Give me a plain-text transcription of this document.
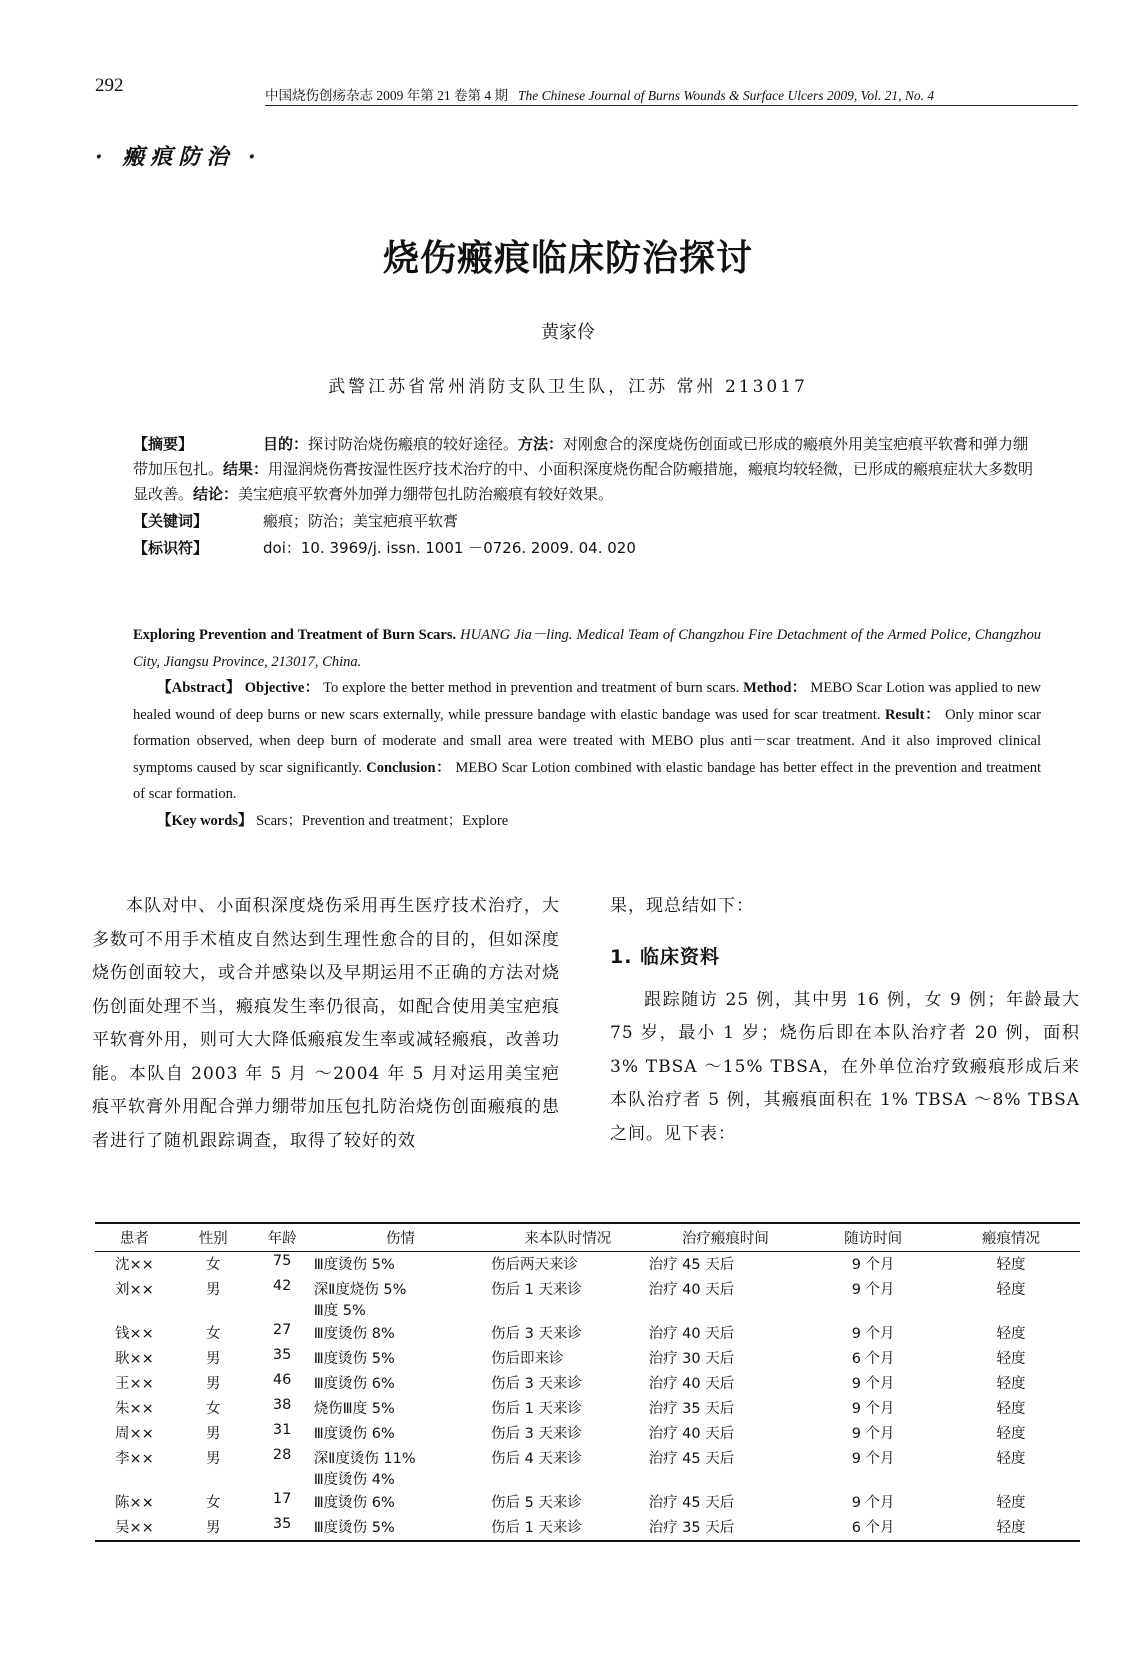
292	中国烧伤创疡杂志 2009 年第 21 卷第 4 期 The Chinese Journal of Burns Wounds & Surface Ulcers 2009, Vol. 21, No. 4
· 瘢痕防治 ·
烧伤瘢痕临床防治探讨
黄家伶
武警江苏省常州消防支队卫生队，江苏 常州 213017
【摘要】	目的：探讨防治烧伤瘢痕的较好途径。方法：对刚愈合的深度烧伤创面或已形成的瘢痕外用美宝疤痕平软膏和弹力绷带加压包扎。结果：用湿润烧伤膏按湿性医疗技术治疗的中、小面积深度烧伤配合防瘢措施，瘢痕均较轻微，已形成的瘢痕症状大多数明显改善。结论：美宝疤痕平软膏外加弹力绷带包扎防治瘢痕有较好效果。
【关键词】	瘢痕；防治；美宝疤痕平软膏
【标识符】	doi：10. 3969/j. issn. 1001 －0726. 2009. 04. 020

Exploring Prevention and Treatment of Burn Scars. HUANG Jia－ling. Medical Team of Changzhou Fire Detachment of the Armed Police, Changzhou City, Jiangsu Province, 213017, China.

【Abstract】 Objective： To explore the better method in prevention and treatment of burn scars. Method： MEBO Scar Lotion was applied to new healed wound of deep burns or new scars externally, while pressure bandage with elastic bandage was used for scar treatment. Result： Only minor scar formation observed, when deep burn of moderate and small area were treated with MEBO plus anti－scar treatment. And it also improved clinical symptoms caused by scar significantly. Conclusion： MEBO Scar Lotion combined with elastic bandage has better effect in the prevention and treatment of scar formation.

【Key words】 Scars；Prevention and treatment；Explore

本队对中、小面积深度烧伤采用再生医疗技术治疗，大多数可不用手术植皮自然达到生理性愈合的目的，但如深度烧伤创面较大，或合并感染以及早期运用不正确的方法对烧伤创面处理不当，瘢痕发生率仍很高，如配合使用美宝疤痕平软膏外用，则可大大降低瘢痕发生率或减轻瘢痕，改善功能。本队自 2003 年 5 月 ～2004 年 5 月对运用美宝疤痕平软膏外用配合弹力绷带加压包扎防治烧伤创面瘢痕的患者进行了随机跟踪调查，取得了较好的效

果，现总结如下：

1. 临床资料

跟踪随访 25 例，其中男 16 例，女 9 例；年龄最大 75 岁，最小 1 岁；烧伤后即在本队治疗者 20 例，面积 3% TBSA ～15% TBSA，在外单位治疗致瘢痕形成后来本队治疗者 5 例，其瘢痕面积在 1% TBSA ～8% TBSA 之间。见下表：

患者	性别	年龄	伤情	来本队时情况	治疗瘢痕时间	随访时间	瘢痕情况
沈××	女	75	Ⅲ度烫伤 5%	伤后两天来诊	治疗 45 天后	9 个月	轻度
刘××	男	42	深Ⅱ度烧伤 5%
Ⅲ度 5%	伤后 1 天来诊	治疗 40 天后	9 个月	轻度
钱××	女	27	Ⅲ度烫伤 8%	伤后 3 天来诊	治疗 40 天后	9 个月	轻度
耿××	男	35	Ⅲ度烫伤 5%	伤后即来诊	治疗 30 天后	6 个月	轻度
王××	男	46	Ⅲ度烫伤 6%	伤后 3 天来诊	治疗 40 天后	9 个月	轻度
朱××	女	38	烧伤Ⅲ度 5%	伤后 1 天来诊	治疗 35 天后	9 个月	轻度
周××	男	31	Ⅲ度烫伤 6%	伤后 3 天来诊	治疗 40 天后	9 个月	轻度
李××	男	28	深Ⅱ度烫伤 11%
Ⅲ度烫伤 4%	伤后 4 天来诊	治疗 45 天后	9 个月	轻度
陈××	女	17	Ⅲ度烫伤 6%	伤后 5 天来诊	治疗 45 天后	9 个月	轻度
吴××	男	35	Ⅲ度烫伤 5%	伤后 1 天来诊	治疗 35 天后	6 个月	轻度
